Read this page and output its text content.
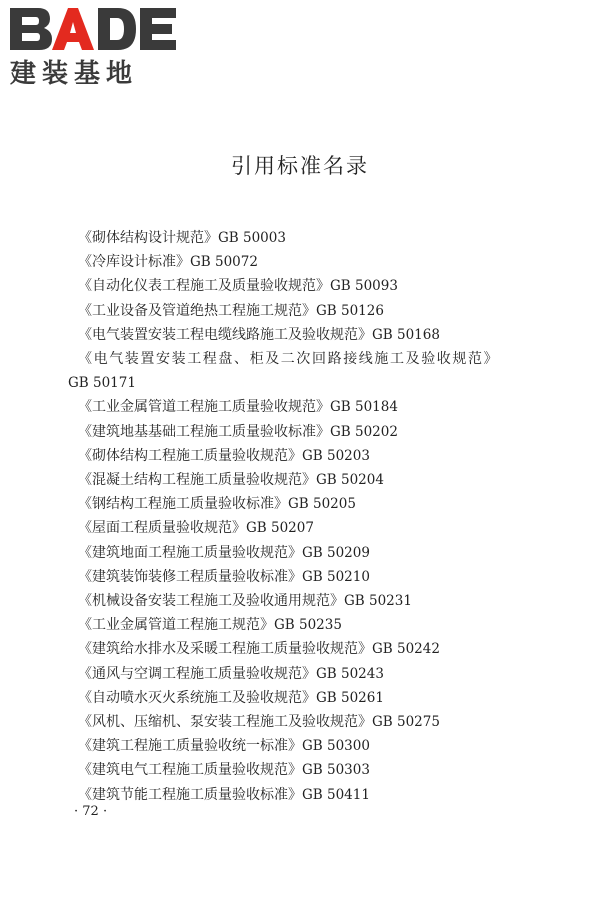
建装基地
引用标准名录
《砌体结构设计规范》GB 50003
《冷库设计标准》GB 50072
《自动化仪表工程施工及质量验收规范》GB 50093
《工业设备及管道绝热工程施工规范》GB 50126
《电气装置安装工程电缆线路施工及验收规范》GB 50168
《电气装置安装工程盘、柜及二次回路接线施工及验收规范》
GB 50171
《工业金属管道工程施工质量验收规范》GB 50184
《建筑地基基础工程施工质量验收标准》GB 50202
《砌体结构工程施工质量验收规范》GB 50203
《混凝土结构工程施工质量验收规范》GB 50204
《钢结构工程施工质量验收标准》GB 50205
《屋面工程质量验收规范》GB 50207
《建筑地面工程施工质量验收规范》GB 50209
《建筑装饰装修工程质量验收标准》GB 50210
《机械设备安装工程施工及验收通用规范》GB 50231
《工业金属管道工程施工规范》GB 50235
《建筑给水排水及采暖工程施工质量验收规范》GB 50242
《通风与空调工程施工质量验收规范》GB 50243
《自动喷水灭火系统施工及验收规范》GB 50261
《风机、压缩机、泵安装工程施工及验收规范》GB 50275
《建筑工程施工质量验收统一标准》GB 50300
《建筑电气工程施工质量验收规范》GB 50303
《建筑节能工程施工质量验收标准》GB 50411
· 72 ·
